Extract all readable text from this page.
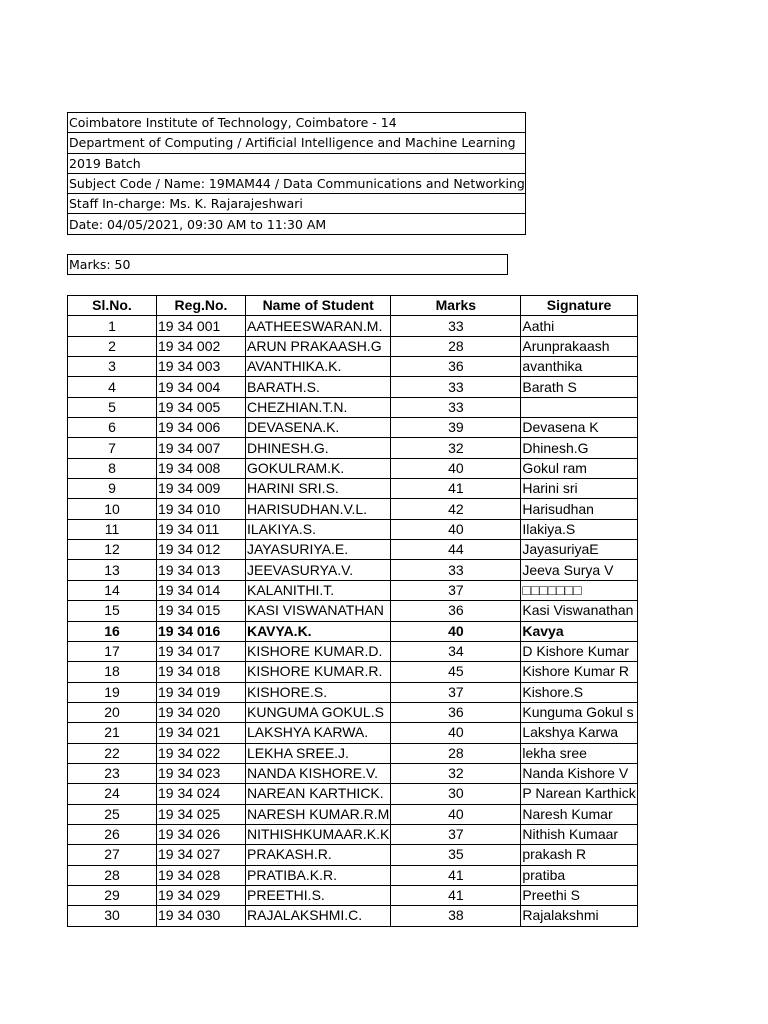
Coimbatore Institute of Technology, Coimbatore - 14
Department of Computing / Artificial Intelligence and Machine Learning
2019 Batch
Subject Code / Name: 19MAM44 / Data Communications and Networking
Staff In-charge: Ms. K. Rajarajeshwari
Date: 04/05/2021, 09:30 AM to 11:30 AM
Marks: 50
Sl.No.	Reg.No.	Name of Student	Marks	Signature
1	19 34 001	AATHEESWARAN.M.	33	Aathi
2	19 34 002	ARUN PRAKAASH.G	28	Arunprakaash
3	19 34 003	AVANTHIKA.K.	36	avanthika
4	19 34 004	BARATH.S.	33	Barath S
5	19 34 005	CHEZHIAN.T.N.	33	
6	19 34 006	DEVASENA.K.	39	Devasena K
7	19 34 007	DHINESH.G.	32	Dhinesh.G
8	19 34 008	GOKULRAM.K.	40	Gokul ram
9	19 34 009	HARINI SRI.S.	41	Harini sri
10	19 34 010	HARISUDHAN.V.L.	42	Harisudhan
11	19 34 011	ILAKIYA.S.	40	Ilakiya.S
12	19 34 012	JAYASURIYA.E.	44	JayasuriyaE
13	19 34 013	JEEVASURYA.V.	33	Jeeva Surya V
14	19 34 014	KALANITHI.T.	37	□□□□□□□
15	19 34 015	KASI VISWANATHAN	36	Kasi Viswanathan
16	19 34 016	KAVYA.K.	40	Kavya
17	19 34 017	KISHORE KUMAR.D.	34	D Kishore Kumar
18	19 34 018	KISHORE KUMAR.R.	45	Kishore Kumar R
19	19 34 019	KISHORE.S.	37	Kishore.S
20	19 34 020	KUNGUMA GOKUL.S	36	Kunguma Gokul s
21	19 34 021	LAKSHYA KARWA.	40	Lakshya Karwa
22	19 34 022	LEKHA SREE.J.	28	lekha sree
23	19 34 023	NANDA KISHORE.V.	32	Nanda Kishore V
24	19 34 024	NAREAN KARTHICK.	30	P Narean Karthick
25	19 34 025	NARESH KUMAR.R.M	40	Naresh Kumar
26	19 34 026	NITHISHKUMAAR.K.K	37	Nithish Kumaar
27	19 34 027	PRAKASH.R.	35	prakash R
28	19 34 028	PRATIBA.K.R.	41	pratiba
29	19 34 029	PREETHI.S.	41	Preethi S
30	19 34 030	RAJALAKSHMI.C.	38	Rajalakshmi
